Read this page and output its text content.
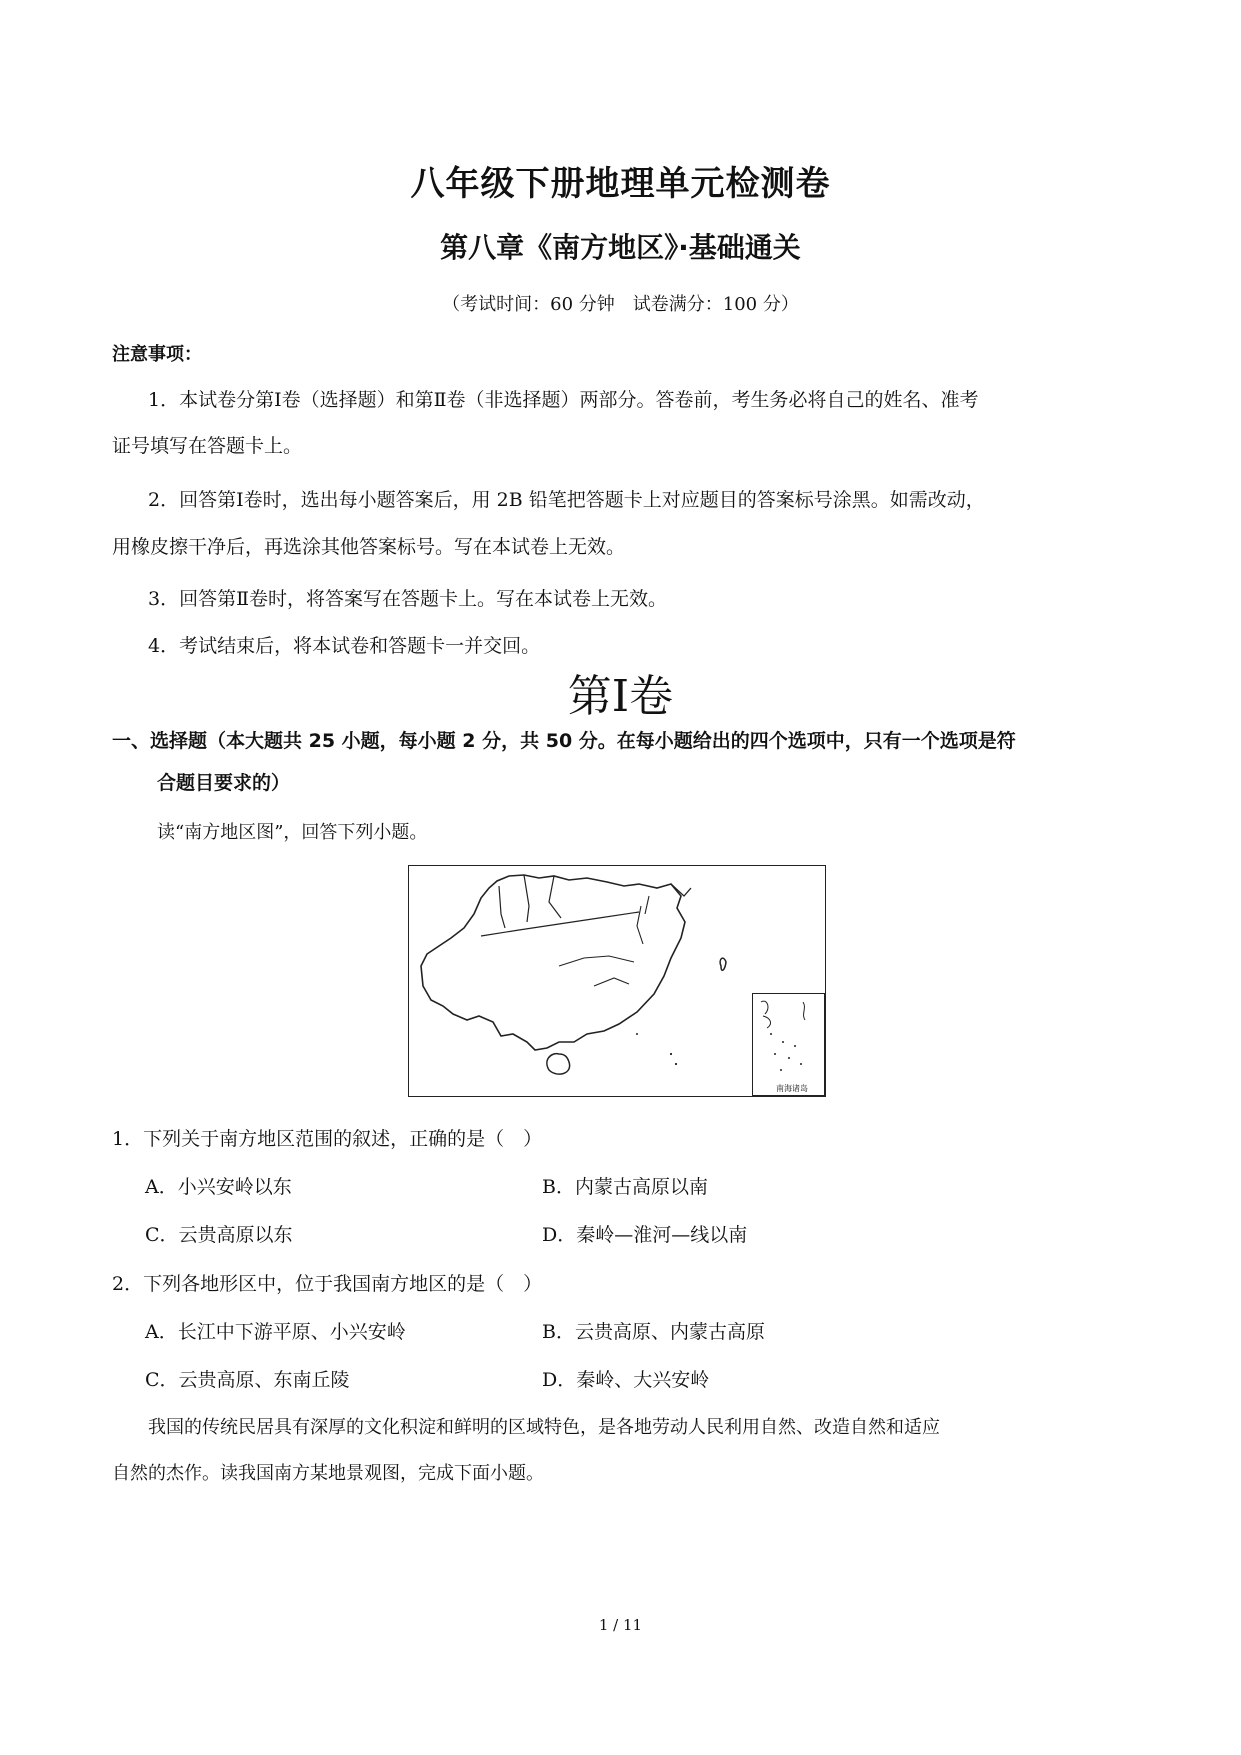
八年级下册地理单元检测卷
第八章《南方地区》·基础通关
（考试时间：60 分钟　试卷满分：100 分）
注意事项：
1．本试卷分第Ⅰ卷（选择题）和第Ⅱ卷（非选择题）两部分。答卷前，考生务必将自己的姓名、准考
证号填写在答题卡上。
2．回答第Ⅰ卷时，选出每小题答案后，用 2B 铅笔把答题卡上对应题目的答案标号涂黑。如需改动，
用橡皮擦干净后，再选涂其他答案标号。写在本试卷上无效。
3．回答第Ⅱ卷时，将答案写在答题卡上。写在本试卷上无效。
4．考试结束后，将本试卷和答题卡一并交回。
第Ⅰ卷
一、选择题（本大题共 25 小题，每小题 2 分，共 50 分。在每小题给出的四个选项中，只有一个选项是符
合题目要求的）
读“南方地区图”，回答下列小题。
南海诸岛
1．下列关于南方地区范围的叙述，正确的是（　）
A．小兴安岭以东	B．内蒙古高原以南
C．云贵高原以东	D．秦岭—淮河—线以南
2．下列各地形区中，位于我国南方地区的是（　）
A．长江中下游平原、小兴安岭	B．云贵高原、内蒙古高原
C．云贵高原、东南丘陵	D．秦岭、大兴安岭
我国的传统民居具有深厚的文化积淀和鲜明的区域特色，是各地劳动人民利用自然、改造自然和适应
自然的杰作。读我国南方某地景观图，完成下面小题。
1 / 11
